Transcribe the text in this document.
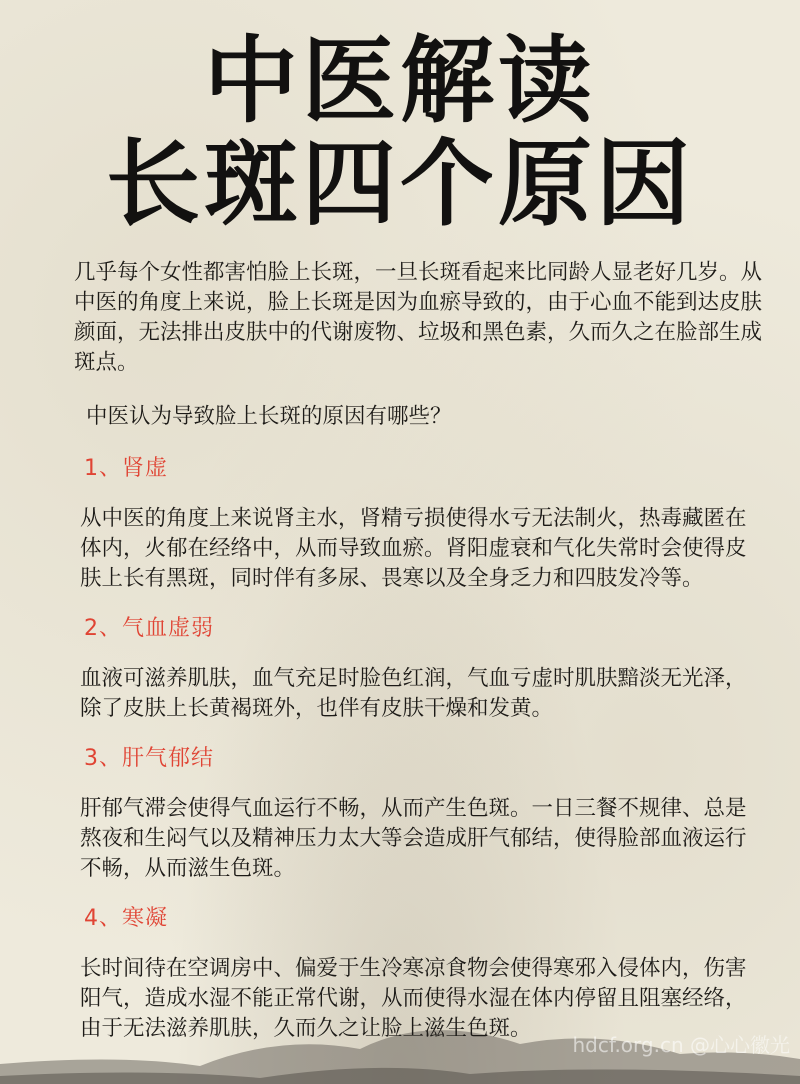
中医解读
长斑四个原因

几乎每个女性都害怕脸上长斑，一旦长斑看起来比同龄人显老好几岁。从中医的角度上来说，脸上长斑是因为血瘀导致的，由于心血不能到达皮肤颜面，无法排出皮肤中的代谢废物、垃圾和黑色素，久而久之在脸部生成斑点。

中医认为导致脸上长斑的原因有哪些？

1、肾虚

从中医的角度上来说肾主水，肾精亏损使得水亏无法制火，热毒藏匿在体内，火郁在经络中，从而导致血瘀。肾阳虚衰和气化失常时会使得皮肤上长有黑斑，同时伴有多尿、畏寒以及全身乏力和四肢发冷等。

2、气血虚弱

血液可滋养肌肤，血气充足时脸色红润，气血亏虚时肌肤黯淡无光泽，除了皮肤上长黄褐斑外，也伴有皮肤干燥和发黄。

3、肝气郁结

肝郁气滞会使得气血运行不畅，从而产生色斑。一日三餐不规律、总是熬夜和生闷气以及精神压力太大等会造成肝气郁结，使得脸部血液运行不畅，从而滋生色斑。

4、寒凝

长时间待在空调房中、偏爱于生冷寒凉食物会使得寒邪入侵体内，伤害阳气，造成水湿不能正常代谢，从而使得水湿在体内停留且阻塞经络，由于无法滋养肌肤，久而久之让脸上滋生色斑。

hdcf.org.cn @心心徽光
